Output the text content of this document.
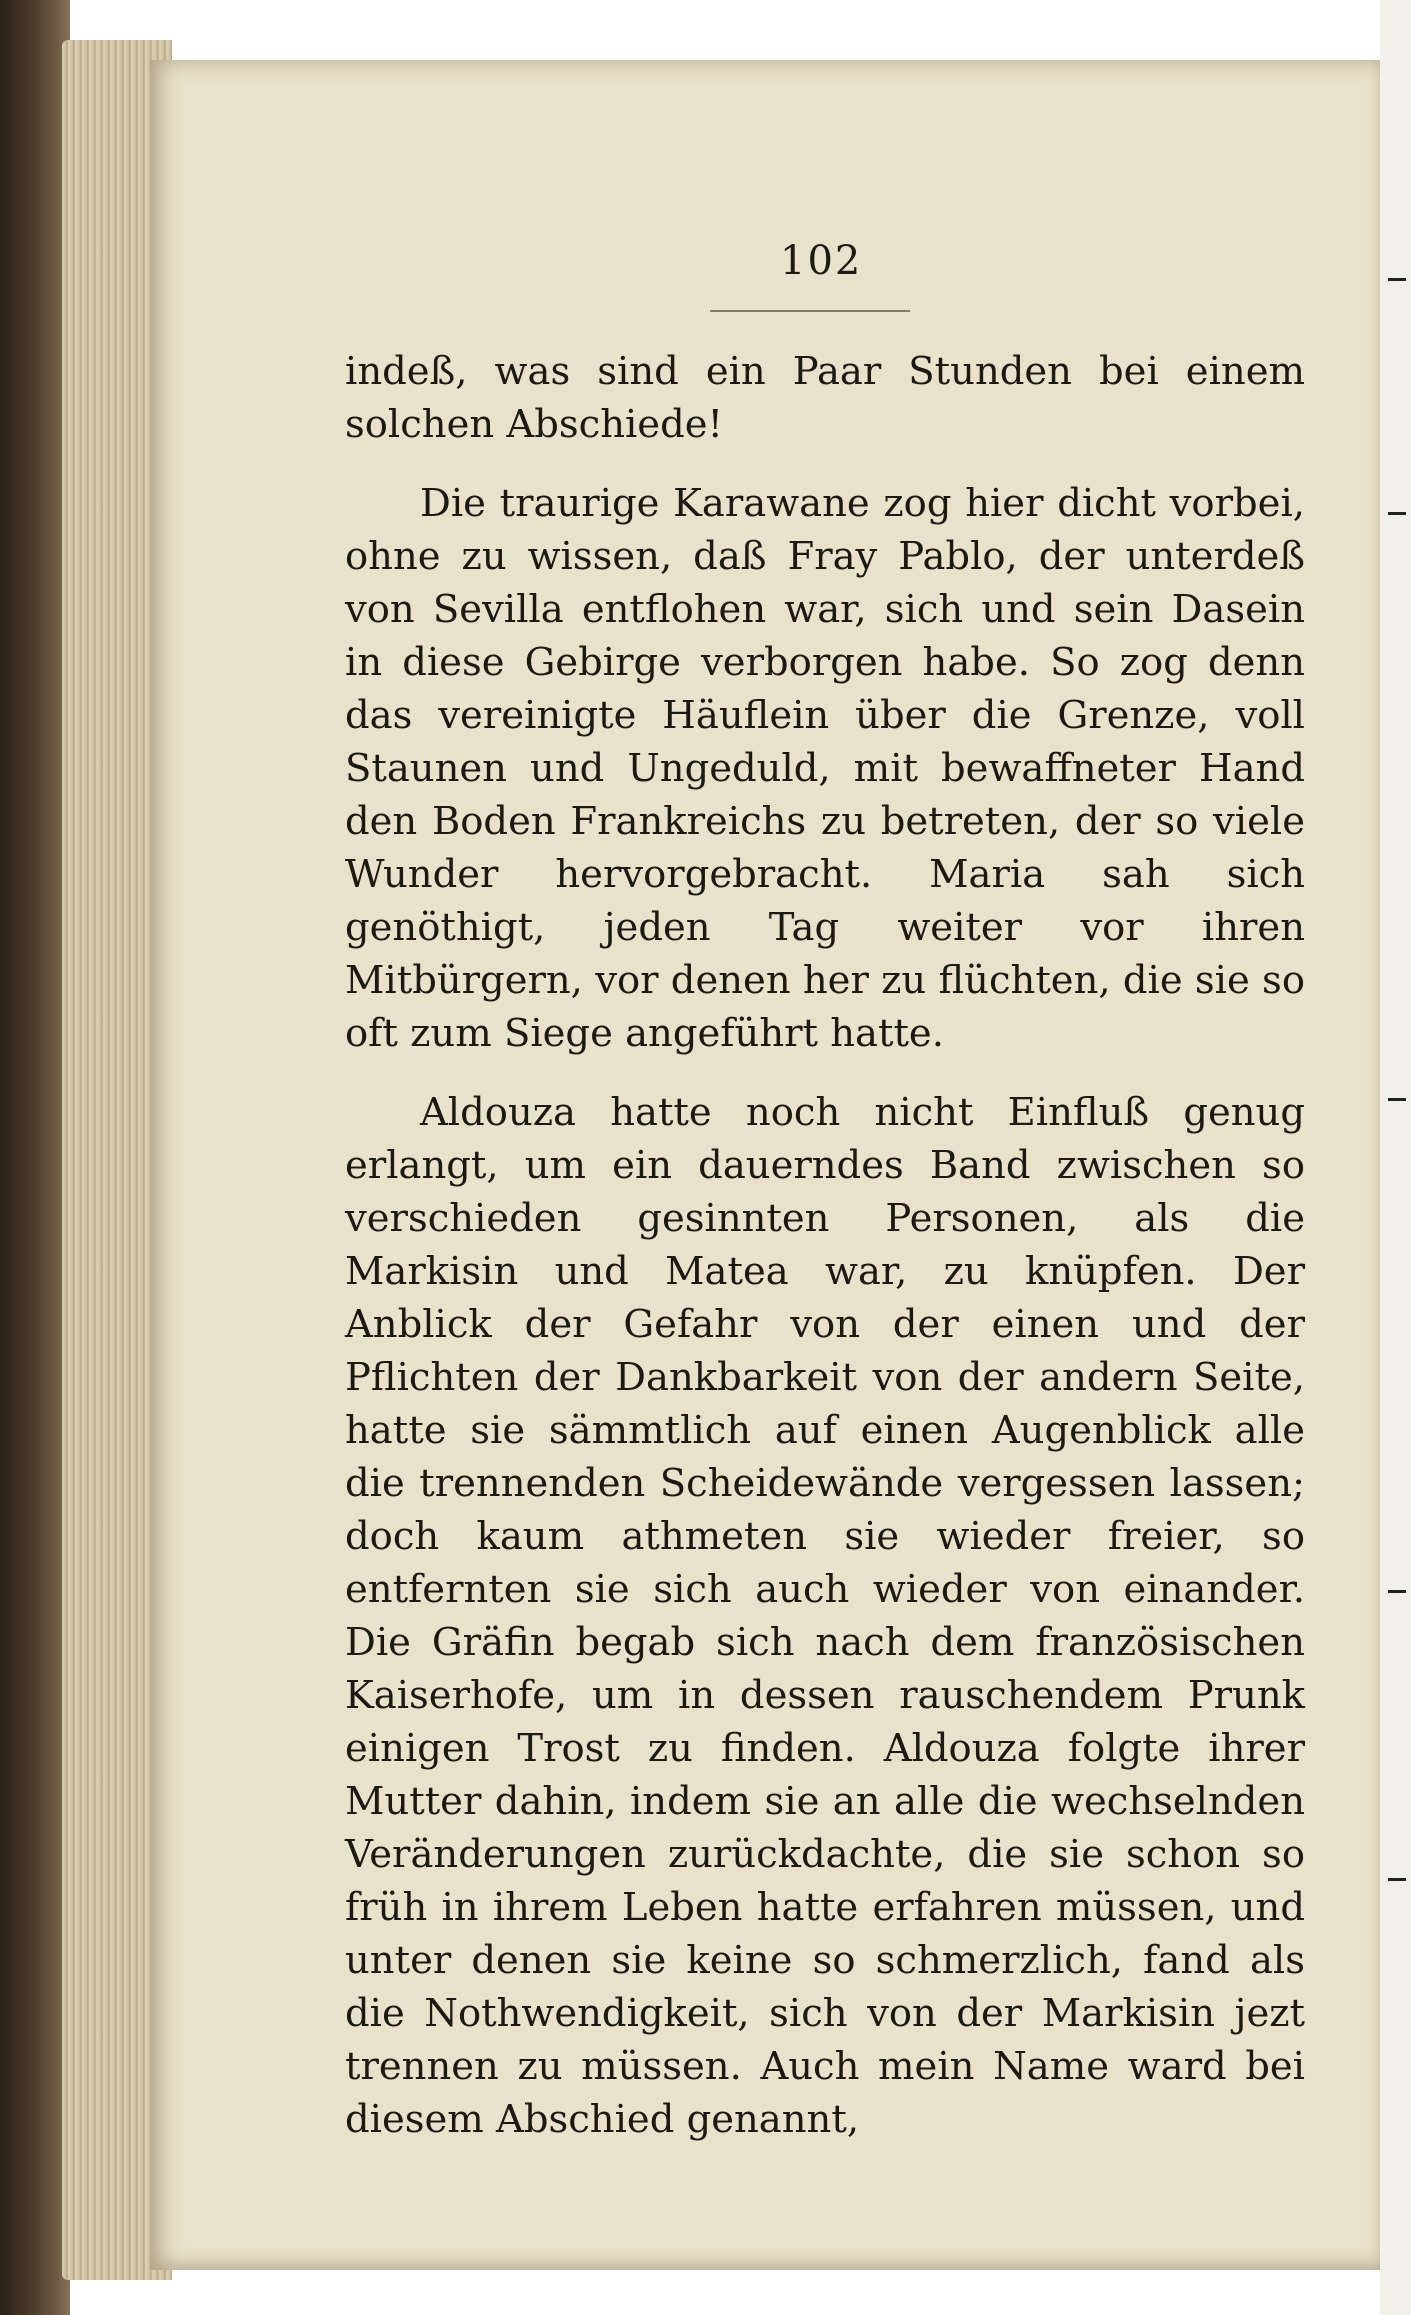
102

indeß, was sind ein Paar Stunden bei einem solchen Abschiede!

Die traurige Karawane zog hier dicht vorbei, ohne zu wissen, daß Fray Pablo, der unterdeß von Sevilla entflohen war, sich und sein Dasein in diese Gebirge verborgen habe. So zog denn das vereinigte Häuflein über die Grenze, voll Staunen und Ungeduld, mit bewaffneter Hand den Boden Frankreichs zu betreten, der so viele Wunder hervorgebracht. Maria sah sich genöthigt, jeden Tag weiter vor ihren Mitbürgern, vor denen her zu flüchten, die sie so oft zum Siege angeführt hatte.

Aldouza hatte noch nicht Einfluß genug erlangt, um ein dauerndes Band zwischen so verschieden gesinnten Personen, als die Markisin und Matea war, zu knüpfen. Der Anblick der Gefahr von der einen und der Pflichten der Dankbarkeit von der andern Seite, hatte sie sämmtlich auf einen Augenblick alle die trennenden Scheidewände vergessen lassen; doch kaum athmeten sie wieder freier, so entfernten sie sich auch wieder von einander. Die Gräfin begab sich nach dem französischen Kaiserhofe, um in dessen rauschendem Prunk einigen Trost zu finden. Aldouza folgte ihrer Mutter dahin, indem sie an alle die wechselnden Veränderungen zurückdachte, die sie schon so früh in ihrem Leben hatte erfahren müssen, und unter denen sie keine so schmerzlich, fand als die Nothwendigkeit, sich von der Markisin jezt trennen zu müssen. Auch mein Name ward bei diesem Abschied genannt,
